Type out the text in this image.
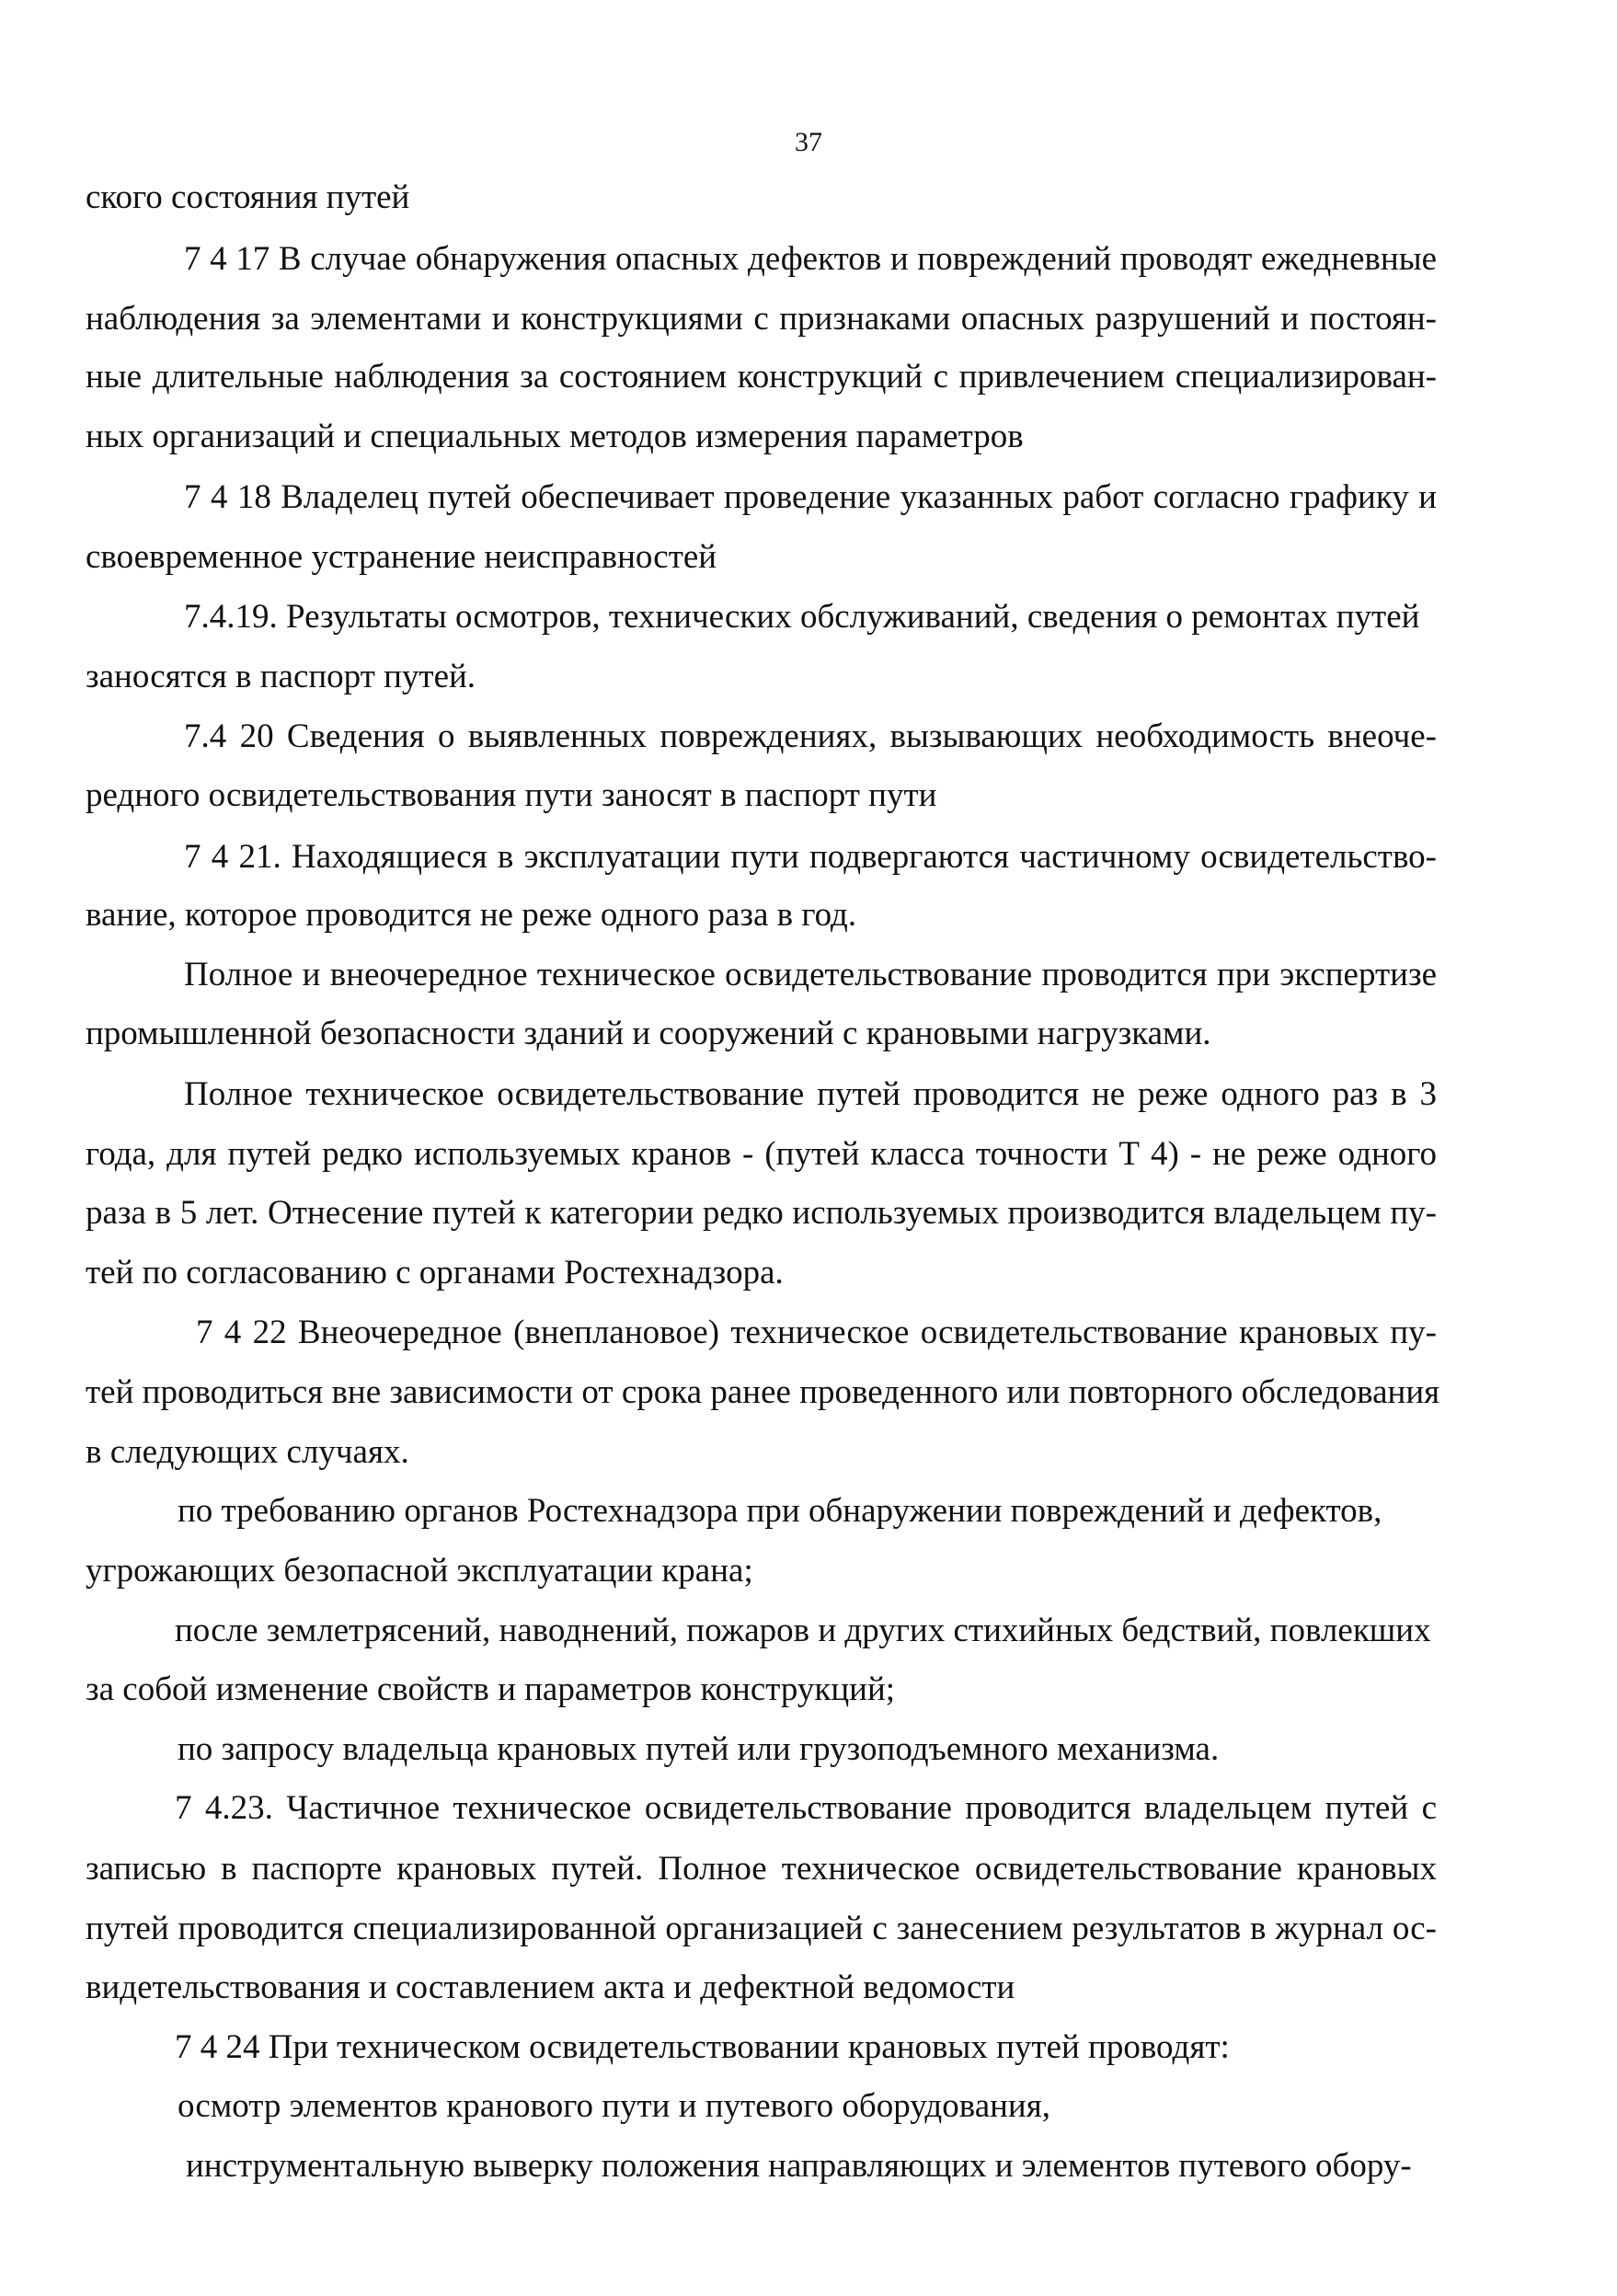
37
ского состояния путей
7 4 17 В случае обнаружения опасных дефектов и повреждений проводят ежедневные
наблюдения за элементами и конструкциями с признаками опасных разрушений и постоян-
ные длительные наблюдения за состоянием конструкций с привлечением специализирован-
ных организаций и специальных методов измерения параметров
7 4 18 Владелец путей обеспечивает проведение указанных работ согласно графику и
своевременное устранение неисправностей
7.4.19. Результаты осмотров, технических обслуживаний, сведения о ремонтах путей
заносятся в паспорт путей.
7.4 20 Сведения о выявленных повреждениях, вызывающих необходимость внеоче-
редного освидетельствования пути заносят в паспорт пути
7 4 21. Находящиеся в эксплуатации пути подвергаются частичному освидетельство-
вание, которое проводится не реже одного раза в год.
Полное и внеочередное техническое освидетельствование проводится при экспертизе
промышленной безопасности зданий и сооружений с крановыми нагрузками.
Полное техническое освидетельствование путей проводится не реже одного раз в 3
года, для путей редко используемых кранов - (путей класса точности Т 4) - не реже одного
раза в 5 лет. Отнесение путей к категории редко используемых производится владельцем пу-
тей по согласованию с органами Ростехнадзора.
7 4 22 Внеочередное (внеплановое) техническое освидетельствование крановых пу-
тей проводиться вне зависимости от срока ранее проведенного или повторного обследования
в следующих случаях.
по требованию органов Ростехнадзора при обнаружении повреждений и дефектов,
угрожающих безопасной эксплуатации крана;
после землетрясений, наводнений, пожаров и других стихийных бедствий, повлекших
за собой изменение свойств и параметров конструкций;
по запросу владельца крановых путей или грузоподъемного механизма.
7 4.23. Частичное техническое освидетельствование проводится владельцем путей с
записью в паспорте крановых путей. Полное техническое освидетельствование крановых
путей проводится специализированной организацией с занесением результатов в журнал ос-
видетельствования и составлением акта и дефектной ведомости
7 4 24 При техническом освидетельствовании крановых путей проводят:
осмотр элементов кранового пути и путевого оборудования,
инструментальную выверку положения направляющих и элементов путевого обору-
